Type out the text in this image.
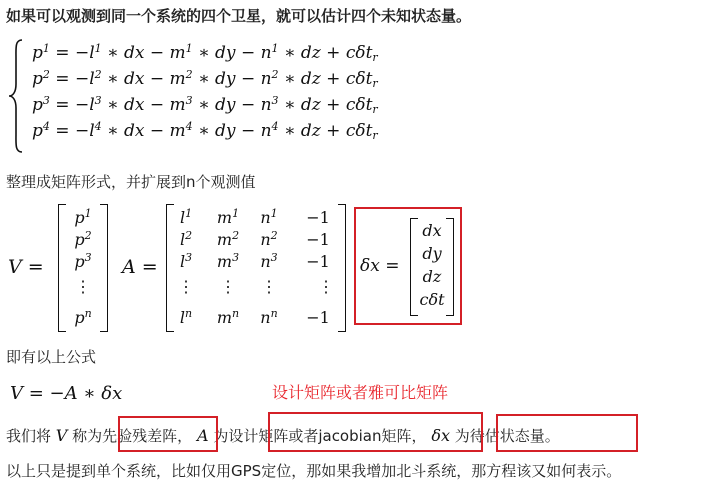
如果可以观测到同一个系统的四个卫星，就可以估计四个未知状态量。
$p^1 = -l^1$ ∗ dx − $m^1$ ∗ dy − $n^1$ ∗ dz + cδt$_r$
$p^2 = -l^2$ ∗ dx − $m^2$ ∗ dy − $n^2$ ∗ dz + cδt$_r$
$p^3 = -l^3$ ∗ dx − $m^3$ ∗ dy − $n^3$ ∗ dz + cδt$_r$
$p^4 = -l^4$ ∗ dx − $m^4$ ∗ dy − $n^4$ ∗ dz + cδt$_r$
整理成矩阵形式，并扩展到n个观测值
V =
$p^1$
$p^2$
$p^3$
⋮
$p^n$
A =
$l^1$	$m^1$	$n^1$	−1
$l^2$	$m^2$	$n^2$	−1
$l^3$	$m^3$	$n^3$	−1
⋮	⋮	⋮	⋮
$l^n$	$m^n$	$n^n$	−1
δx =
dx
dy
dz
cδt
即有以上公式
V = −A ∗ δx	设计矩阵或者雅可比矩阵
我们将 V 称为先验残差阵， A 为设计矩阵或者jacobian矩阵， δx 为待估状态量。
以上只是提到单个系统，比如仅用GPS定位，那如果我增加北斗系统，那方程该又如何表示。
